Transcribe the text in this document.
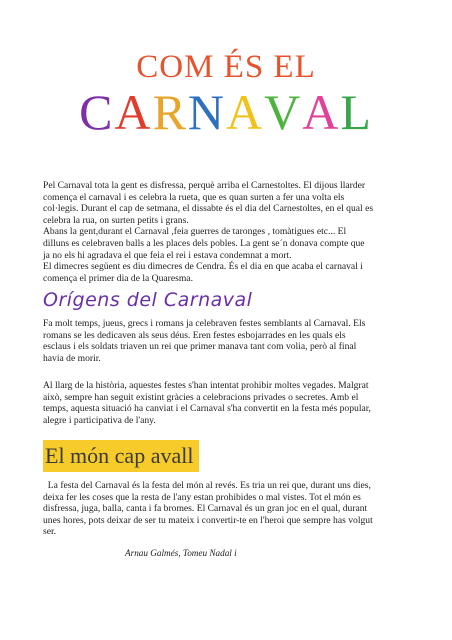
COM ÉS EL
CARNAVAL
Pel Carnaval tota la gent es disfressa, perquè arriba el Carnestoltes. El dijous llarder
comença el carnaval i es celebra la rueta, que es quan surten a fer una volta els
col·legis. Durant el cap de setmana, el dissabte és el dia del Carnestoltes, en el qual es
celebra la rua, on surten petits i grans.
Abans la gent,durant el Carnaval ,feia guerres de taronges , tomàtigues etc... El
dilluns es celebraven balls a les places dels pobles. La gent se´n donava compte que
ja no els hi agradava el que feia el rei i estava condemnat a mort.
El dimecres següent es diu dimecres de Cendra. És el dia en que acaba el carnaval i
comença el primer dia de la Quaresma.
Orígens del Carnaval
Fa molt temps, jueus, grecs i romans ja celebraven festes semblants al Carnaval. Els
romans se les dedicaven als seus déus. Eren festes esbojarrades en les quals els
esclaus i els soldats triaven un rei que primer manava tant com volia, però al final
havia de morir.
Al llarg de la història, aquestes festes s'han intentat prohibir moltes vegades. Malgrat
això, sempre han seguit existint gràcies a celebracions privades o secretes. Amb el
temps, aquesta situació ha canviat i el Carnaval s'ha convertit en la festa més popular,
alegre i participativa de l'any.
El món cap avall
La festa del Carnaval és la festa del món al revés. Es tria un rei que, durant uns dies,
deixa fer les coses que la resta de l'any estan prohibides o mal vistes. Tot el món es
disfressa, juga, balla, canta i fa bromes. El Carnaval és un gran joc en el qual, durant
unes hores, pots deixar de ser tu mateix i convertir-te en l'heroi que sempre has volgut
ser.
Arnau Galmés, Tomeu Nadal i
